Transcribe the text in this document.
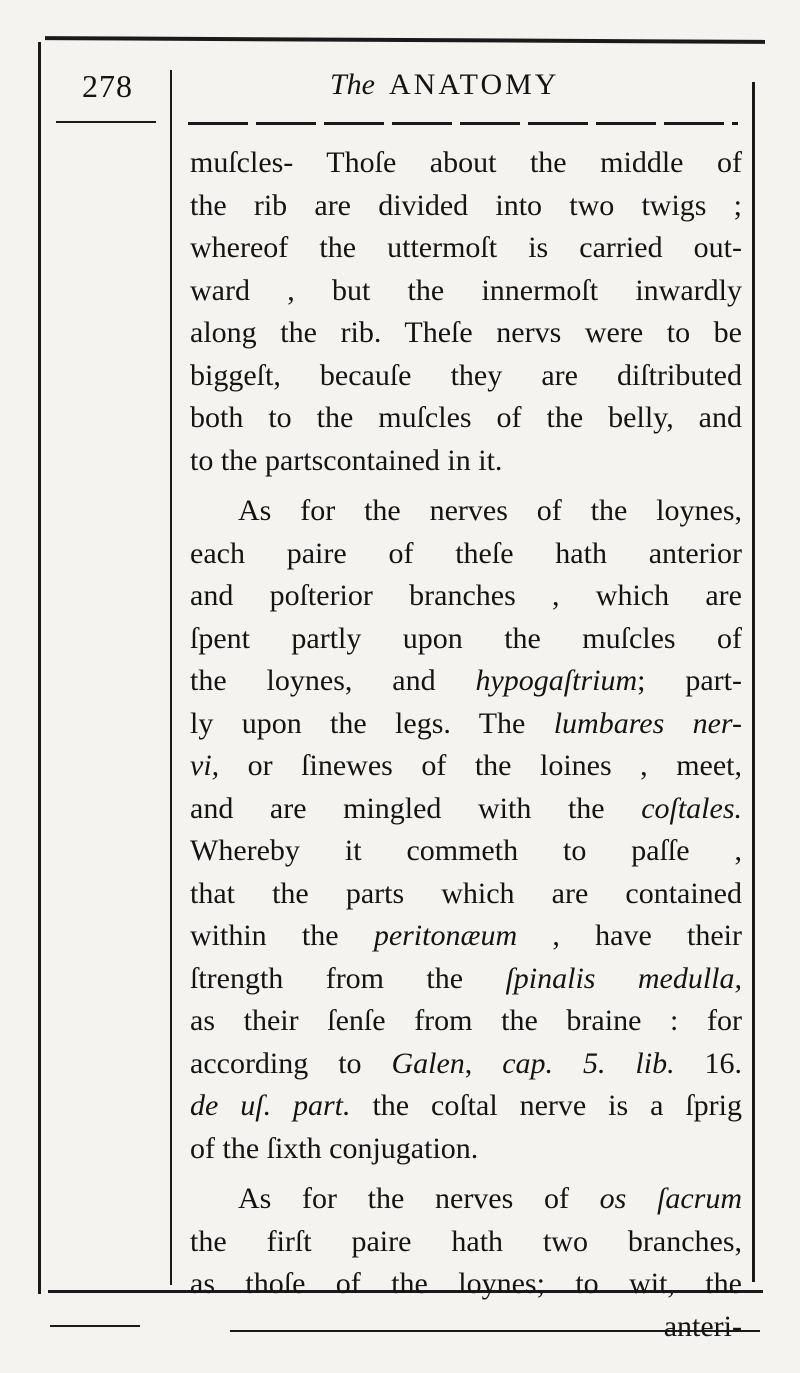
278	The ANATOMY
muſcles- Thoſe about the middle of
the rib are divided into two twigs ;
whereof the uttermoſt is carried out-
ward , but the innermoſt inwardly
along the rib. Theſe nervs were to be
biggeſt, becauſe they are diſtributed
both to the muſcles of the belly, and
to the partscontained in it.
As for the nerves of the loynes,
each paire of theſe hath anterior
and poſterior branches , which are
ſpent partly upon the muſcles of
the loynes, and hypogaſtrium; part-
ly upon the legs. The lumbares ner-
vi, or ſinewes of the loines , meet,
and are mingled with the coſtales.
Whereby it commeth to paſſe ,
that the parts which are contained
within the peritonæum , have their
ſtrength from the ſpinalis medulla,
as their ſenſe from the braine : for
according to Galen, cap. 5. lib. 16.
de uſ. part. the coſtal nerve is a ſprig
of the ſixth conjugation.
As for the nerves of os ſacrum
the firſt paire hath two branches,
as thoſe of the loynes; to wit, the
anteri-
